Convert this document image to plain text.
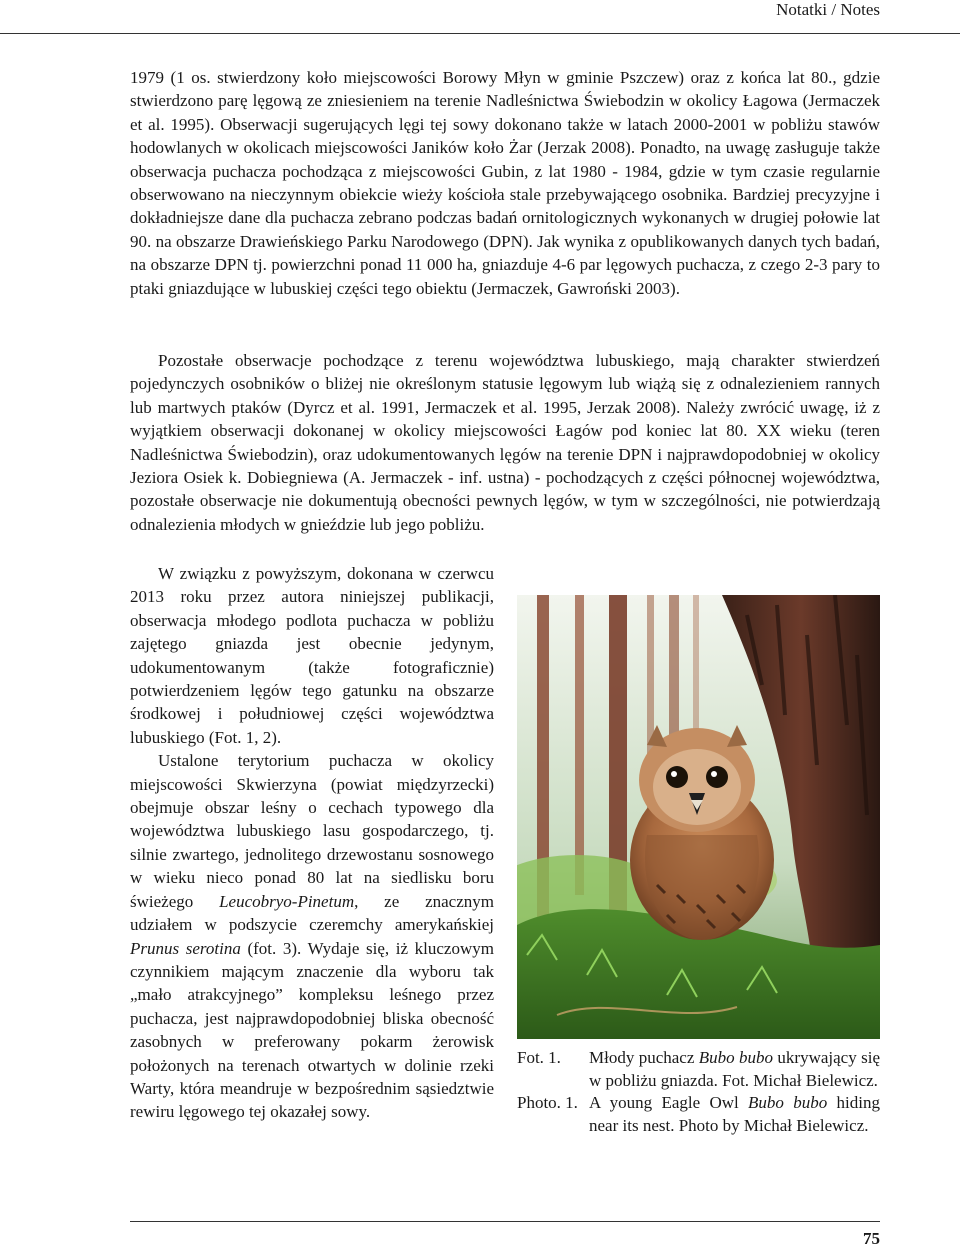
Notatki / Notes

1979 (1 os. stwierdzony koło miejscowości Borowy Młyn w gminie Pszczew) oraz z końca lat 80., gdzie stwierdzono parę lęgową ze zniesieniem na terenie Nadleśnictwa Świebodzin w okolicy Łagowa (Jermaczek et al. 1995). Obserwacji sugerujących lęgi tej sowy dokonano także w latach 2000-2001 w pobliżu stawów hodowlanych w okolicach miejscowości Janików koło Żar (Jerzak 2008). Ponadto, na uwagę zasługuje także obserwacja puchacza pochodząca z miejscowości Gubin, z lat 1980 - 1984, gdzie w tym czasie regularnie obserwowano na nieczynnym obiekcie wieży kościoła stale przebywającego osobnika. Bardziej precyzyjne i dokładniejsze dane dla puchacza zebrano podczas badań ornitologicznych wykonanych w drugiej połowie lat 90. na obszarze Drawieńskiego Parku Narodowego (DPN). Jak wynika z opublikowanych danych tych badań, na obszarze DPN tj. powierzchni ponad 11 000 ha, gniazduje 4-6 par lęgowych puchacza, z czego 2-3 pary to ptaki gniazdujące w lubuskiej części tego obiektu (Jermaczek, Gawroński 2003).

Pozostałe obserwacje pochodzące z terenu województwa lubuskiego, mają charakter stwierdzeń pojedynczych osobników o bliżej nie określonym statusie lęgowym lub wiążą się z odnalezieniem rannych lub martwych ptaków (Dyrcz et al. 1991, Jermaczek et al. 1995, Jerzak 2008). Należy zwrócić uwagę, iż z wyjątkiem obserwacji dokonanej w okolicy miejscowości Łagów pod koniec lat 80. XX wieku (teren Nadleśnictwa Świebodzin), oraz udokumentowanych lęgów na terenie DPN i najprawdopodobniej w okolicy Jeziora Osiek k. Dobiegniewa (A. Jermaczek - inf. ustna) - pochodzących z części północnej województwa, pozostałe obserwacje nie dokumentują obecności pewnych lęgów, w tym w szczególności, nie potwierdzają odnalezienia młodych w gnieździe lub jego pobliżu.

W związku z powyższym, dokonana w czerwcu 2013 roku przez autora niniejszej publikacji, obserwacja młodego podlota puchacza w pobliżu zajętego gniazda jest obecnie jedynym, udokumentowanym (także fotograficznie) potwierdzeniem lęgów tego gatunku na obszarze środkowej i południowej części województwa lubuskiego (Fot. 1, 2).

Ustalone terytorium puchacza w okolicy miejscowości Skwierzyna (powiat międzyrzecki) obejmuje obszar leśny o cechach typowego dla województwa lubuskiego lasu gospodarczego, tj. silnie zwartego, jednolitego drzewostanu sosnowego w wieku nieco ponad 80 lat na siedlisku boru świeżego Leucobryo-Pinetum, ze znacznym udziałem w podszycie czeremchy amerykańskiej Prunus serotina (fot. 3). Wydaje się, iż kluczowym czynnikiem mającym znaczenie dla wyboru tak „mało atrakcyjnego” kompleksu leśnego przez puchacza, jest najprawdopodobniej bliska obecność zasobnych w preferowany pokarm żerowisk położonych na terenach otwartych w dolinie rzeki Warty, która meandruje w bezpośrednim sąsiedztwie rewiru lęgowego tej okazałej sowy.

Fot. 1.	Młody puchacz Bubo bubo ukrywający się w pobliżu gniazda. Fot. Michał Bielewicz.
Photo. 1. A young Eagle Owl Bubo bubo hiding near its nest. Photo by Michał Bielewicz.
75
